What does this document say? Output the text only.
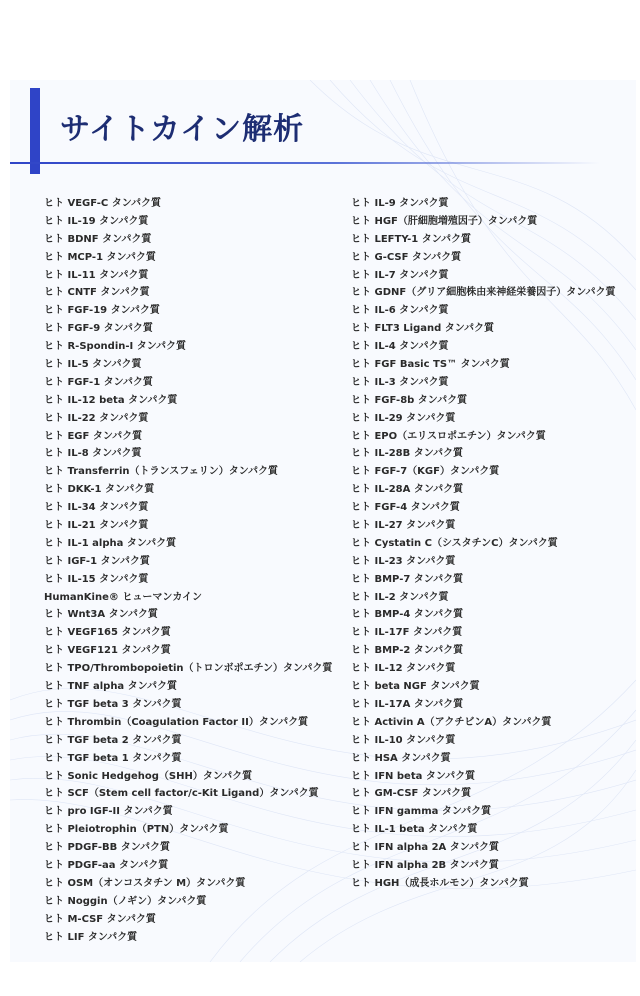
サイトカイン解析
ヒト VEGF-C タンパク質
ヒト IL-19 タンパク質
ヒト BDNF タンパク質
ヒト MCP-1 タンパク質
ヒト IL-11 タンパク質
ヒト CNTF タンパク質
ヒト FGF-19 タンパク質
ヒト FGF-9 タンパク質
ヒト R-Spondin-I タンパク質
ヒト IL-5 タンパク質
ヒト FGF-1 タンパク質
ヒト IL-12 beta タンパク質
ヒト IL-22 タンパク質
ヒト EGF タンパク質
ヒト IL-8 タンパク質
ヒト Transferrin（トランスフェリン）タンパク質
ヒト DKK-1 タンパク質
ヒト IL-34 タンパク質
ヒト IL-21 タンパク質
ヒト IL-1 alpha タンパク質
ヒト IGF-1 タンパク質
ヒト IL-15 タンパク質
HumanKine® ヒューマンカイン
ヒト Wnt3A タンパク質
ヒト VEGF165 タンパク質
ヒト VEGF121 タンパク質
ヒト TPO/Thrombopoietin（トロンボポエチン）タンパク質
ヒト TNF alpha タンパク質
ヒト TGF beta 3 タンパク質
ヒト Thrombin（Coagulation Factor II）タンパク質
ヒト TGF beta 2 タンパク質
ヒト TGF beta 1 タンパク質
ヒト Sonic Hedgehog（SHH）タンパク質
ヒト SCF（Stem cell factor/c-Kit Ligand）タンパク質
ヒト pro IGF-II タンパク質
ヒト Pleiotrophin（PTN）タンパク質
ヒト PDGF-BB タンパク質
ヒト PDGF-aa タンパク質
ヒト OSM（オンコスタチン M）タンパク質
ヒト Noggin（ノギン）タンパク質
ヒト M-CSF タンパク質
ヒト LIF タンパク質
ヒト IL-9 タンパク質
ヒト HGF（肝細胞増殖因子）タンパク質
ヒト LEFTY-1 タンパク質
ヒト G-CSF タンパク質
ヒト IL-7 タンパク質
ヒト GDNF（グリア細胞株由来神経栄養因子）タンパク質
ヒト IL-6 タンパク質
ヒト FLT3 Ligand タンパク質
ヒト IL-4 タンパク質
ヒト FGF Basic TS™ タンパク質
ヒト IL-3 タンパク質
ヒト FGF-8b タンパク質
ヒト IL-29 タンパク質
ヒト EPO（エリスロポエチン）タンパク質
ヒト IL-28B タンパク質
ヒト FGF-7（KGF）タンパク質
ヒト IL-28A タンパク質
ヒト FGF-4 タンパク質
ヒト IL-27 タンパク質
ヒト Cystatin C（シスタチンC）タンパク質
ヒト IL-23 タンパク質
ヒト BMP-7 タンパク質
ヒト IL-2 タンパク質
ヒト BMP-4 タンパク質
ヒト IL-17F タンパク質
ヒト BMP-2 タンパク質
ヒト IL-12 タンパク質
ヒト beta NGF タンパク質
ヒト IL-17A タンパク質
ヒト Activin A（アクチビンA）タンパク質
ヒト IL-10 タンパク質
ヒト HSA タンパク質
ヒト IFN beta タンパク質
ヒト GM-CSF タンパク質
ヒト IFN gamma タンパク質
ヒト IL-1 beta タンパク質
ヒト IFN alpha 2A タンパク質
ヒト IFN alpha 2B タンパク質
ヒト HGH（成長ホルモン）タンパク質
